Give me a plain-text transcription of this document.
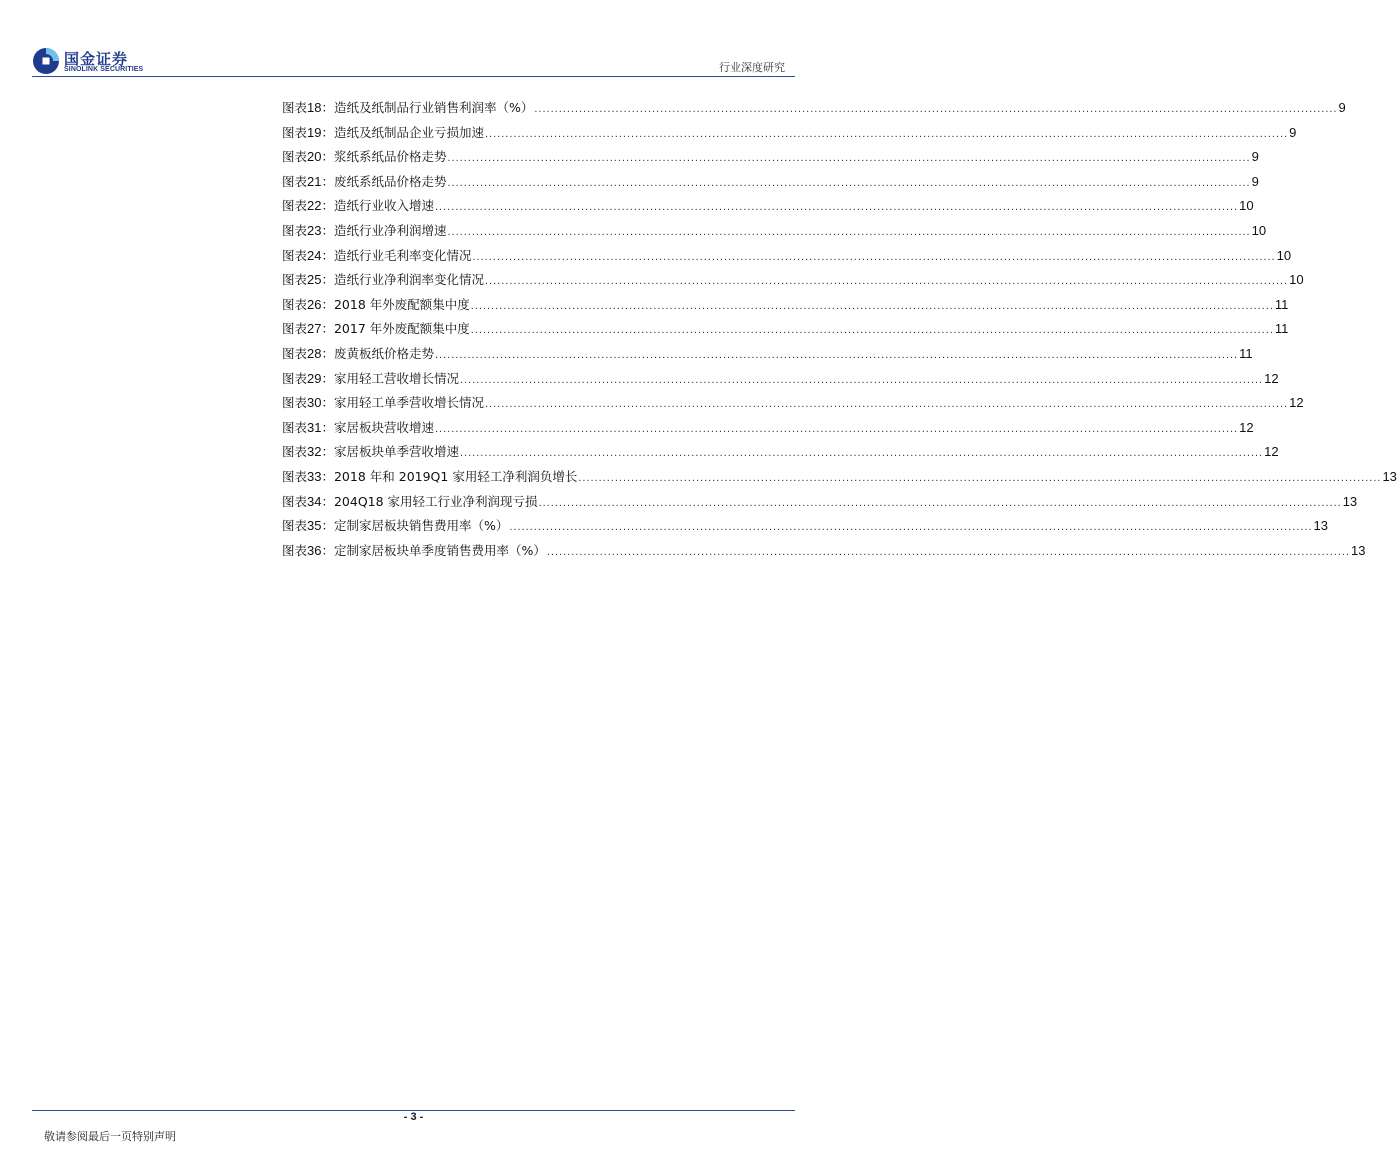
国金证券
SINOLINK SECURITIES	行业深度研究
图表 18 ：造纸及纸制品行业销售利润率（%） .....	9
图表 19 ：造纸及纸制品企业亏损加速 .....	9
图表 20 ：浆纸系纸品价格走势 .....	9
图表 21 ：废纸系纸品价格走势 .....	9
图表 22 ：造纸行业收入增速 .....	10
图表 23 ：造纸行业净利润增速 .....	10
图表 24 ：造纸行业毛利率变化情况 .....	10
图表 25 ：造纸行业净利润率变化情况 .....	10
图表 26 ：2018 年外废配额集中度 .....	11
图表 27 ：2017 年外废配额集中度 .....	11
图表 28 ：废黄板纸价格走势 .....	11
图表 29 ：家用轻工营收增长情况 .....	12
图表 30 ：家用轻工单季营收增长情况 .....	12
图表 31 ：家居板块营收增速 .....	12
图表 32 ：家居板块单季营收增速 .....	12
图表 33 ：2018 年和 2019Q1 家用轻工净利润负增长 .....	13
图表 34 ：204Q18 家用轻工行业净利润现亏损 .....	13
图表 35 ：定制家居板块销售费用率（%） .....	13
图表 36 ：定制家居板块单季度销售费用率（%） .....	13
- 3 -
敬请参阅最后一页特别声明
